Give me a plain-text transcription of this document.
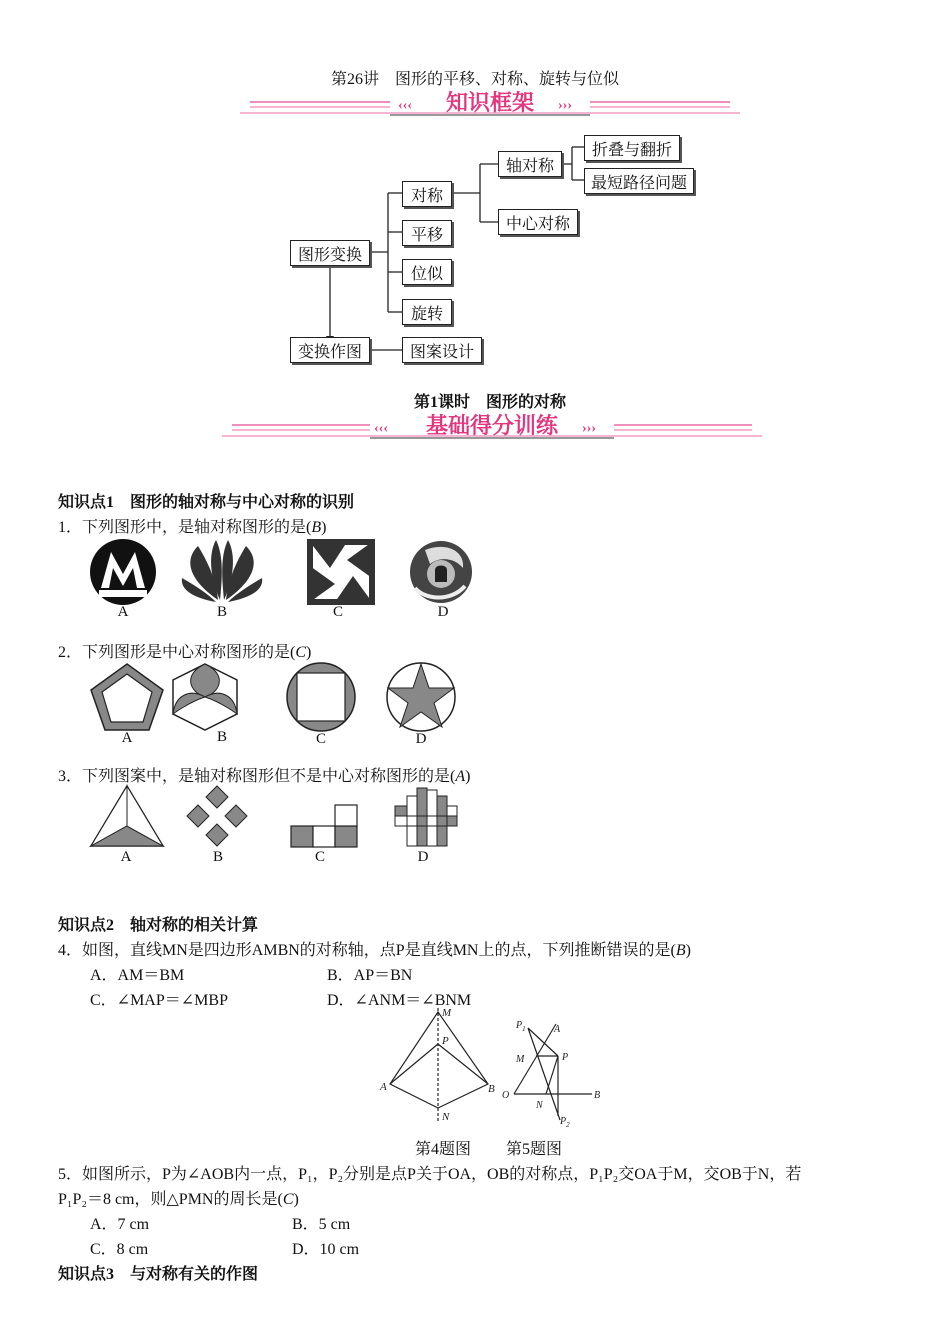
第26讲　图形的平移、对称、旋转与位似
‹‹‹	›››
知识框架
图形变换
对称
平移
位似
旋转
轴对称
中心对称
折叠与翻折
最短路径问题
变换作图	图案设计
第1课时　图形的对称
‹‹‹	›››
基础得分训练
知识点1　图形的轴对称与中心对称的识别
1．下列图形中，是轴对称图形的是(B)
A	B	C	D
2．下列图形是中心对称图形的是(C)
A	B	C	D
3．下列图案中，是轴对称图形但不是中心对称图形的是(A)
A	B	C	D
知识点2　轴对称的相关计算
4．如图，直线MN是四边形AMBN的对称轴，点P是直线MN上的点，下列推断错误的是(B)
A．AM＝BM	B．AP＝BN
C．∠MAP＝∠MBP	D．∠ANM＝∠BNM
M
P
A	B
N
$P_1$	A
M	P
O
N
B
$P_2$
第4题图 第5题图
5．如图所示，P为∠AOB内一点，P₁，P₂分别是点P关于OA，OB的对称点，P₁P₂交OA于M，交OB于N，若
P₁P₂＝8 cm，则△PMN的周长是(C)
A．7 cm	B．5 cm
C．8 cm	D．10 cm
知识点3　与对称有关的作图
